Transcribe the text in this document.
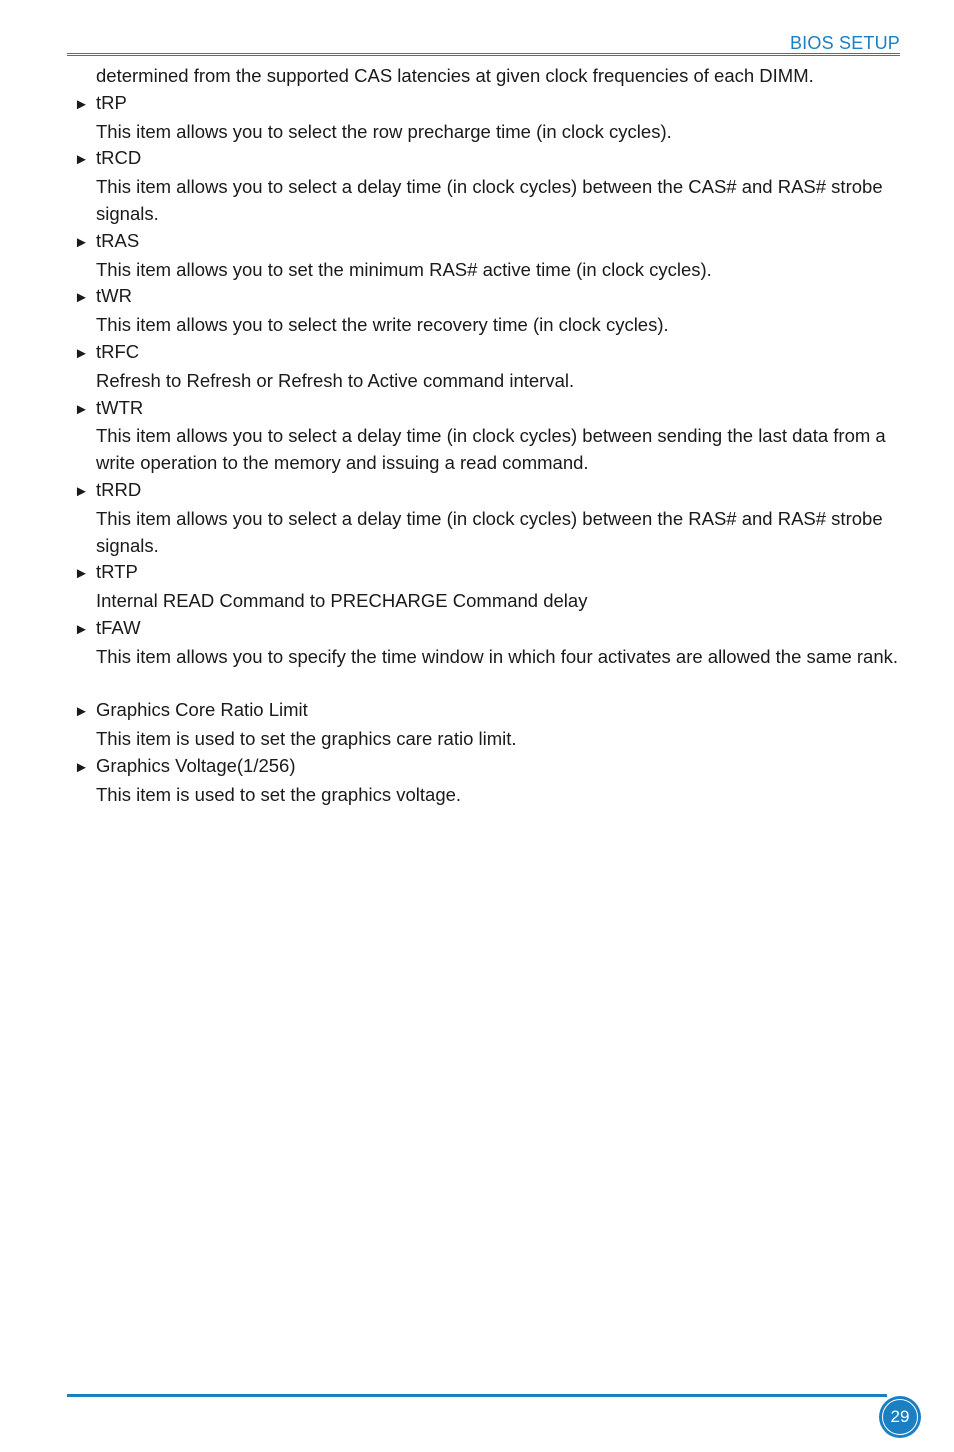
BIOS SETUP
determined from the supported CAS latencies at given clock frequencies of each DIMM.
► tRP
This item allows you to select the row precharge time (in clock cycles).
► tRCD
This item allows you to select a delay time (in clock cycles) between the CAS# and RAS# strobe signals.
► tRAS
This item allows you to set the minimum RAS# active time (in clock cycles).
► tWR
This item allows you to select the write recovery time (in clock cycles).
► tRFC
Refresh to Refresh or Refresh to Active command interval.
► tWTR
This item allows you to select a delay time (in clock cycles) between sending the last data from a write operation to the memory and issuing a read command.
► tRRD
This item allows you to select a delay time (in clock cycles) between the RAS# and RAS# strobe signals.
► tRTP
Internal READ Command to PRECHARGE Command delay
► tFAW
This item allows you to specify the time window in which four activates are allowed the same rank.
► Graphics Core Ratio Limit
This item is used to set the graphics care ratio limit.
► Graphics Voltage(1/256)
This item is used to set the graphics voltage.
29
